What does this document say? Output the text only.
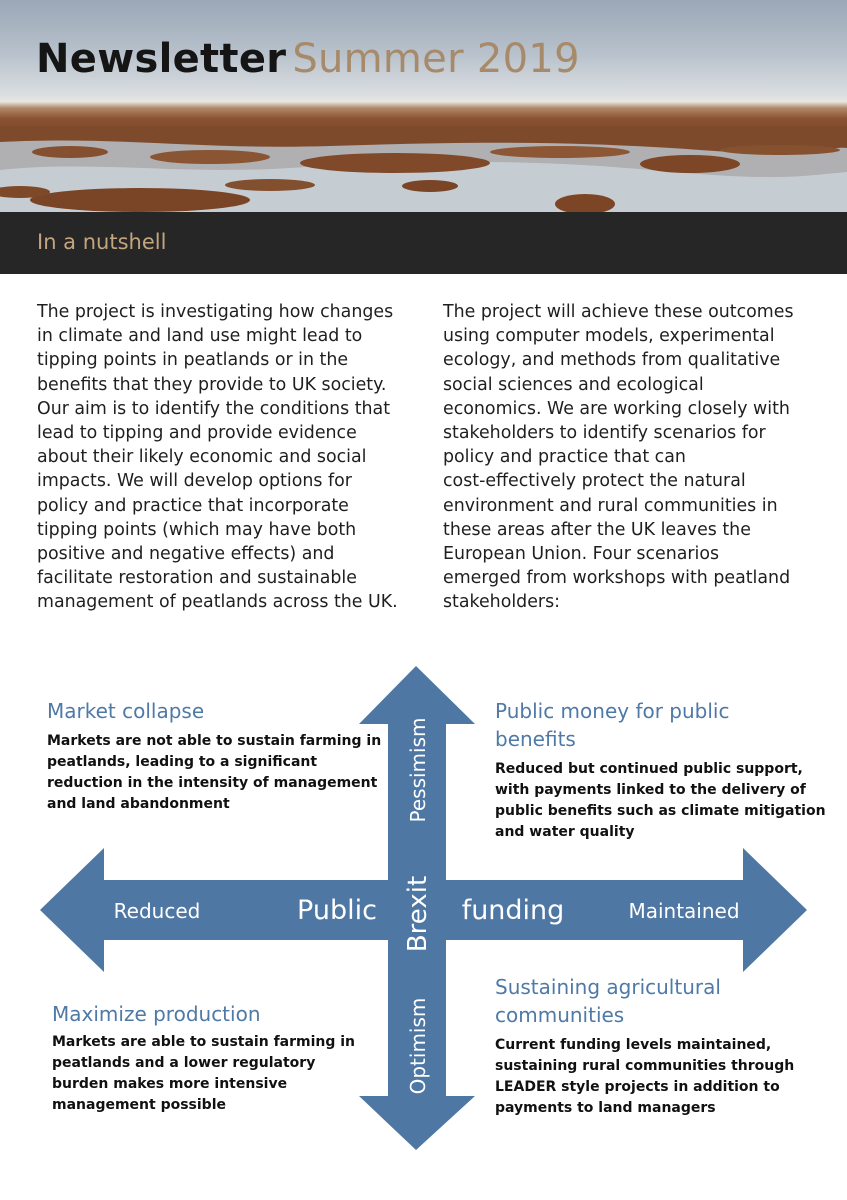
Newsletter Summer 2019
In a nutshell
The project is investigating how changes
in climate and land use might lead to
tipping points in peatlands or in the
benefits that they provide to UK society.
Our aim is to identify the conditions that
lead to tipping and provide evidence
about their likely economic and social
impacts. We will develop options for
policy and practice that incorporate
tipping points (which may have both
positive and negative effects) and
facilitate restoration and sustainable
management of peatlands across the UK.
The project will achieve these outcomes
using computer models, experimental
ecology, and methods from qualitative
social sciences and ecological
economics. We are working closely with
stakeholders to identify scenarios for
policy and practice that can
cost-effectively protect the natural
environment and rural communities in
these areas after the UK leaves the
European Union. Four scenarios
emerged from workshops with peatland
stakeholders:
Reduced	Public	funding	Maintained
Pessimism
Brexit
Optimism
Market collapse

Markets are not able to sustain farming in
peatlands, leading to a significant
reduction in the intensity of management
and land abandonment

Public money for public
benefits

Reduced but continued public support,
with payments linked to the delivery of
public benefits such as climate mitigation
and water quality

Maximize production

Markets are able to sustain farming in
peatlands and a lower regulatory
burden makes more intensive
management possible

Sustaining agricultural
communities

Current funding levels maintained,
sustaining rural communities through
LEADER style projects in addition to
payments to land managers
